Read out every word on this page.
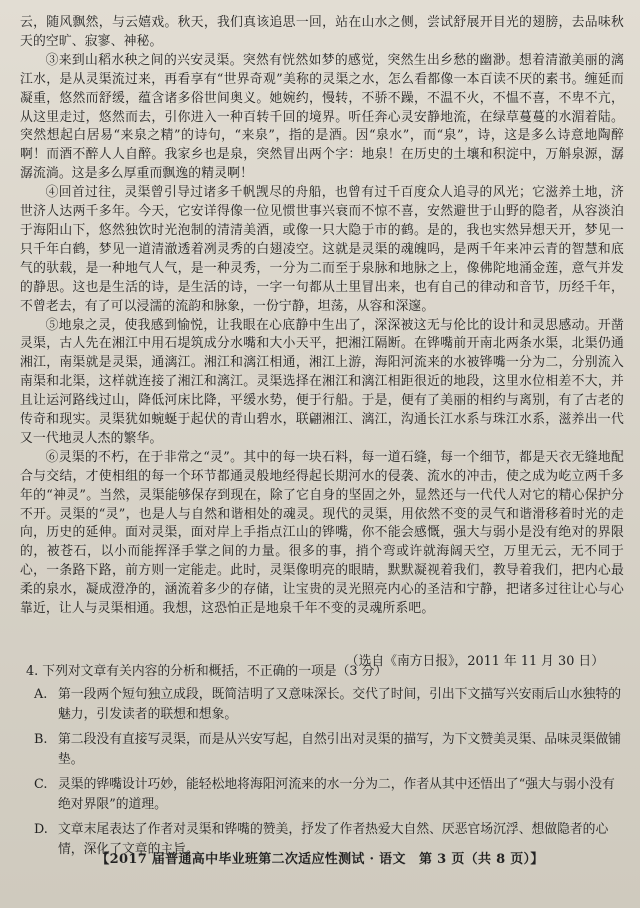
云，随风飘然，与云嬉戏。秋天，我们真该追思一回，站在山水之侧，尝试舒展开目光的翅膀，去品味秋天的空旷、寂寥、神秘。

③来到山稻水秧之间的兴安灵渠。突然有恍然如梦的感觉，突然生出乡愁的幽渺。想着清澈美丽的漓江水，是从灵渠流过来，再看享有“世界奇观”美称的灵渠之水，怎么看都像一本百读不厌的素书。缠延而凝重，悠然而舒缓，蕴含诸多俗世间奥义。她婉约，慢转，不骄不躁，不温不火，不愠不喜，不卑不亢，从这里走过，悠然而去，引你进入一种百转千回的境界。听任奔心灵安静地流，在绿草蔓蔓的水湄着陆。突然想起白居易“来泉之精”的诗句，“来泉”，指的是酒。因“泉水”，而“泉”，诗，这是多么诗意地陶醉啊！而酒不醉人人自醉。我家乡也是泉，突然冒出两个字：地泉！在历史的土壤和积淀中，万斛泉源，潺潺流淌。这是多么厚重而飘逸的精灵啊！

④回首过往，灵渠曾引导过诸多千帆觊尽的舟船，也曾有过千百度众人追寻的风光；它滋养土地，济世济人达两千多年。今天，它安详得像一位见惯世事兴衰而不惊不喜，安然避世于山野的隐者，从容淡泊于海阳山下，悠然独饮时光泡制的清清美酒，或像一只大隐于市的鹤。是的，我也实然异想天开，梦见一只千年白鹤，梦见一道清澈透着冽灵秀的白翅凌空。这就是灵渠的魂魄吗，是两千年来冲云青的智慧和底气的驮载，是一种地气人气，是一种灵秀，一分为二而至于泉脉和地脉之上，像佛陀地涌金莲，意气并发的静思。这也是生活的诗，是生活的诗，一字一句都从土里冒出来，也有自己的律动和音节，历经千年，不曾老去，有了可以浸濡的流韵和脉象，一份宁静，坦荡，从容和深邃。

⑤地泉之灵，使我感到愉悦，让我眼在心底静中生出了，深深被这无与伦比的设计和灵思感动。开凿灵渠，古人先在湘江中用石堤筑成分水嘴和大小天平，把湘江隔断。在铧嘴前开南北两条水渠，北渠仍通湘江，南渠就是灵渠，通漓江。湘江和漓江相通，湘江上游，海阳河流来的水被铧嘴一分为二，分别流入南渠和北渠，这样就连接了湘江和漓江。灵渠选择在湘江和漓江相距很近的地段，这里水位相差不大，并且让运河路线过山，降低河床比降，平缓水势，便于行船。于是，便有了美丽的相约与离别，有了古老的传奇和现实。灵渠犹如蜿蜒于起伏的青山碧水，联翩湘江、漓江，沟通长江水系与珠江水系，滋养出一代又一代地灵人杰的繁华。

⑥灵渠的不朽，在于非常之“灵”。其中的每一块石料，每一道石缝，每一个细节，都是天衣无缝地配合与交结，才使相组的每一个环节都通灵般地经得起长期河水的侵袭、流水的冲击，使之成为屹立两千多年的“神灵”。当然，灵渠能够保存到现在，除了它自身的坚固之外，显然还与一代代人对它的精心保护分不开。灵渠的“灵”，也是人与自然和谐相处的魂灵。现代的灵渠，用依然不变的灵气和谐滑移着时光的走向，历史的延伸。面对灵渠，面对岸上手指点江山的铧嘴，你不能会感慨，强大与弱小是没有绝对的界限的，被苍石，以小而能挥泽手掌之间的力量。很多的事，捎个弯或许就海阔天空，万里无云，无不同于心，一条路下路，前方则一定能走。此时，灵渠像明亮的眼睛，默默凝视着我们，教导着我们，把内心最柔的泉水，凝成澄净的，涵流着多少的存储，让宝贵的灵光照亮内心的圣洁和宁静，把诸多过往让心与心靠近，让人与灵渠相通。我想，这恐怕正是地泉千年不变的灵魂所系吧。

（选自《南方日报》，2011 年 11 月 30 日）
4. 下列对文章有关内容的分析和概括，不正确的一项是（3 分）
A. 第一段两个短句独立成段，既简洁明了又意味深长。交代了时间，引出下文描写兴安雨后山水独特的魅力，引发读者的联想和想象。
B. 第二段没有直接写灵渠，而是从兴安写起，自然引出对灵渠的描写，为下文赞美灵渠、品味灵渠做铺垫。
C. 灵渠的铧嘴设计巧妙，能轻松地将海阳河流来的水一分为二，作者从其中还悟出了“强大与弱小没有绝对界限”的道理。
D. 文章末尾表达了作者对灵渠和铧嘴的赞美，抒发了作者热爱大自然、厌恶官场沉浮、想做隐者的心情，深化了文章的主旨。
【2017 届普通高中毕业班第二次适应性测试 · 语文　第 3 页（共 8 页）】
